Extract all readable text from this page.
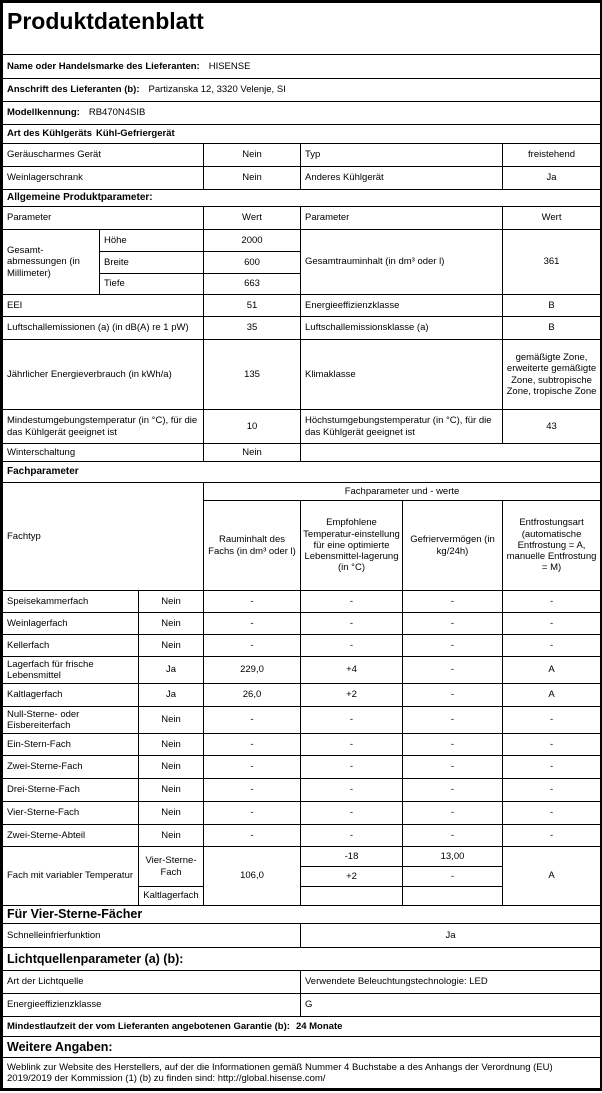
Produktdatenblatt						
Name oder Handelsmarke des Lieferanten: HISENSE						
Anschrift des Lieferanten (b): Partizanska 12, 3320 Velenje, SI						
Modellkennung: RB470N4SIB						
Art des Kühlgeräts Kühl-Gefriergerät						
Geräuscharmes Gerät			Nein	Typ		freistehend
Weinlagerschrank			Nein	Anderes Kühlgerät		Ja
Allgemeine Produktparameter:						
Parameter			Wert	Parameter		Wert
Gesamt-abmessungen (in Millimeter)	Höhe		2000	Gesamtrauminhalt (in dm³ oder l)		361
	Breite		600			
	Tiefe		663			
EEI			51	Energieeffizienzklasse		B
Luftschallemissionen (a) (in dB(A) re 1 pW)			35	Luftschallemissionsklasse (a)		B
Jährlicher Energieverbrauch (in kWh/a)			135	Klimaklasse		gemäßigte Zone, erweiterte gemäßigte Zone, subtropische Zone, tropische Zone
Mindestumgebungstemperatur (in °C), für die das Kühlgerät geeignet ist			10	Höchstumgebungstemperatur (in °C), für die das Kühlgerät geeignet ist		43
Winterschaltung			Nein			
Fachparameter						
Fachtyp			Fachparameter und - werte			
			Rauminhalt des Fachs (in dm³ oder l)	Empfohlene Temperatur-einstellung für eine optimierte Lebensmittel-lagerung (in °C)	Gefriervermögen (in kg/24h)	Entfrostungsart (automatische Entfrostung = A, manuelle Entfrostung = M)
Speisekammerfach		Nein	-	-	-	-
Weinlagerfach		Nein	-	-	-	-
Kellerfach		Nein	-	-	-	-
Lagerfach für frische Lebensmittel		Ja	229,0	+4	-	A
Kaltlagerfach		Ja	26,0	+2	-	A
Null-Sterne- oder Eisbereiterfach		Nein	-	-	-	-
Ein-Stern-Fach		Nein	-	-	-	-
Zwei-Sterne-Fach		Nein	-	-	-	-
Drei-Sterne-Fach		Nein	-	-	-	-
Vier-Sterne-Fach		Nein	-	-	-	-
Zwei-Sterne-Abteil		Nein	-	-	-	-
Fach mit variabler Temperatur		Vier-Sterne-Fach	106,0	-18	13,00	A
				+2	-	
		Kaltlagerfach				
Für Vier-Sterne-Fächer						
Schnelleinfrierfunktion				Ja		
Lichtquellenparameter (a) (b):						
Art der Lichtquelle				Verwendete Beleuchtungstechnologie: LED		
Energieeffizienzklasse				G		
Mindestlaufzeit der vom Lieferanten angebotenen Garantie (b): 24 Monate						
Weitere Angaben:						
Weblink zur Website des Herstellers, auf der die Informationen gemäß Nummer 4 Buchstabe a des Anhangs der Verordnung (EU) 2019/2019 der Kommission (1) (b) zu finden sind: http://global.hisense.com/						
